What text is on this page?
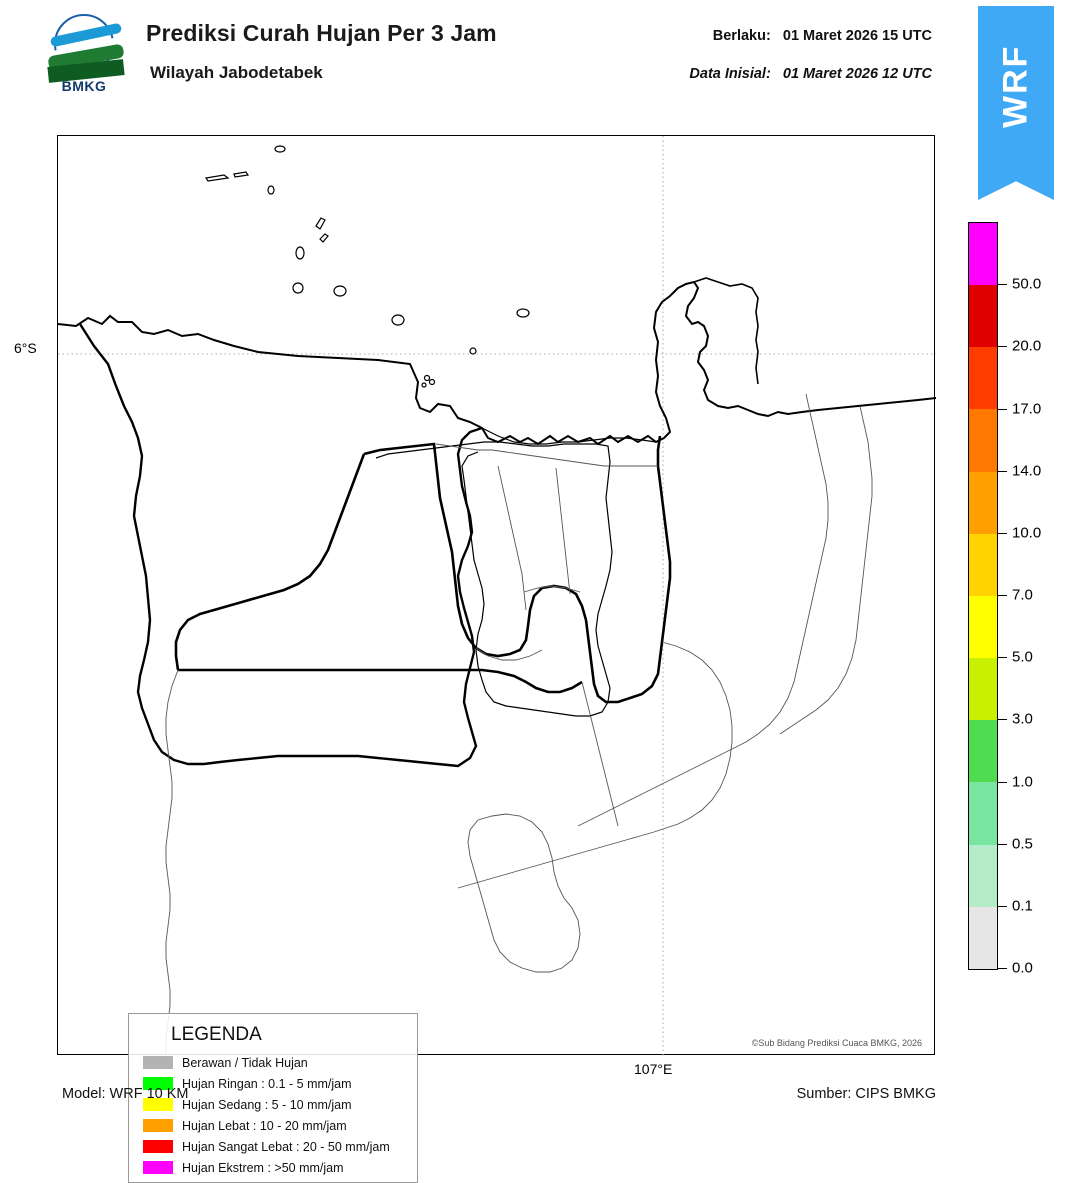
BMKG
Prediksi Curah Hujan Per 3 Jam
Wilayah Jabodetabek
Berlaku: 01 Maret 2026 15 UTC
Data Inisial: 01 Maret 2026 12 UTC	WRF
LEGENDA
Berawan / Tidak Hujan
Hujan Ringan : 0.1 - 5 mm/jam
Hujan Sedang : 5 - 10 mm/jam
Hujan Lebat : 10 - 20 mm/jam
Hujan Sangat Lebat : 20 - 50 mm/jam
Hujan Ekstrem : >50 mm/jam
©Sub Bidang Prediksi Cuaca BMKG, 2026
6°S
107°E
50.0
20.0
17.0
14.0
10.0
7.0
5.0
3.0
1.0
0.5
0.1
0.0
Model: WRF 10 KM	Sumber: CIPS BMKG
